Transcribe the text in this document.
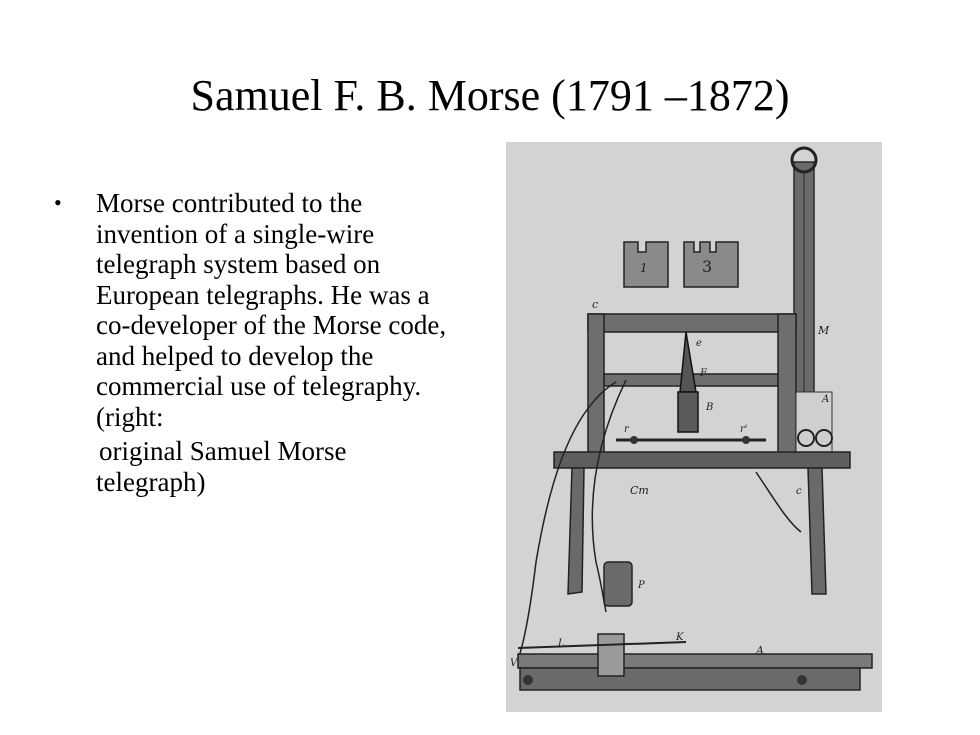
Samuel F. B. Morse (1791 –1872)
• Morse contributed to the invention of a single-wire telegraph system based on European telegraphs. He was a co-developer of the Morse code, and helped to develop the commercial use of telegraphy. (right:
original Samuel Morse
telegraph)
1	3
c
M
e
F
B
r	r'
A
c
Cm
P
L
K
A
V
